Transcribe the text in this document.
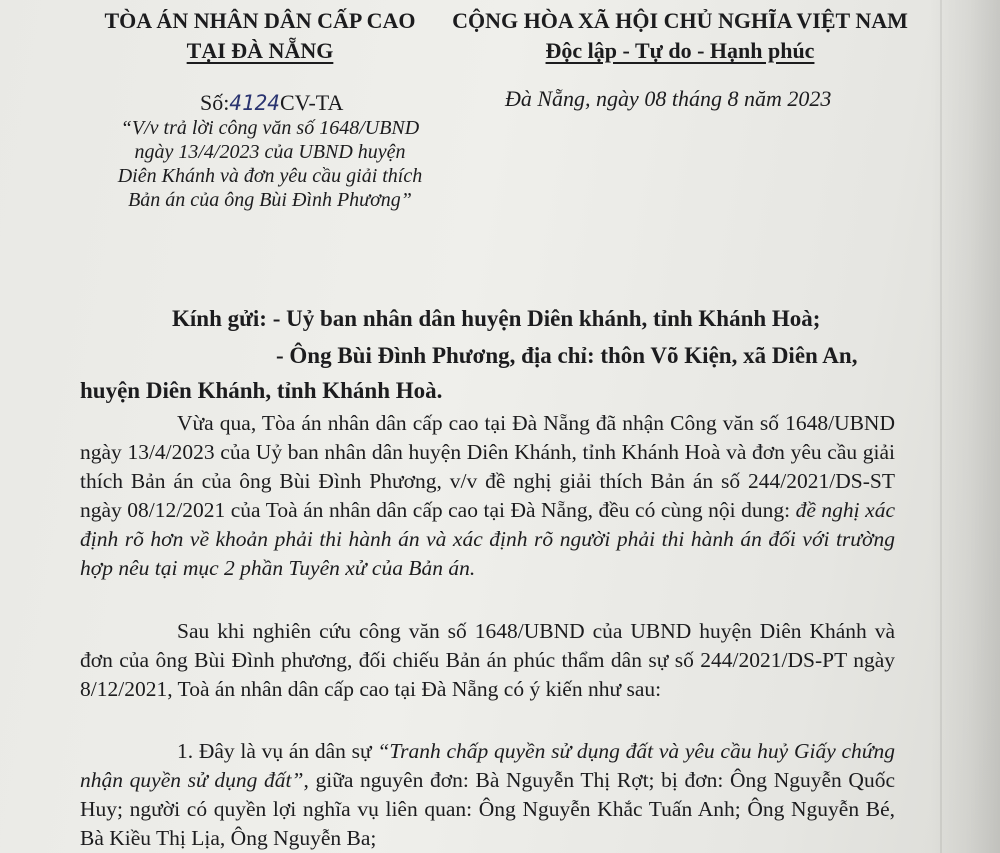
TÒA ÁN NHÂN DÂN CẤP CAO
TẠI ĐÀ NẴNG
CỘNG HÒA XÃ HỘI CHỦ NGHĨA VIỆT NAM
Độc lập - Tự do - Hạnh phúc
Số:4124CV-TA	Đà Nẵng, ngày 08 tháng 8 năm 2023
“V/v trả lời công văn số 1648/UBND
ngày 13/4/2023 của UBND huyện
Diên Khánh và đơn yêu cầu giải thích
Bản án của ông Bùi Đình Phương”
Kính gửi: - Uỷ ban nhân dân huyện Diên khánh, tỉnh Khánh Hoà;
- Ông Bùi Đình Phương, địa chỉ: thôn Võ Kiện, xã Diên An,
huyện Diên Khánh, tỉnh Khánh Hoà.
Vừa qua, Tòa án nhân dân cấp cao tại Đà Nẵng đã nhận Công văn số 1648/UBND ngày 13/4/2023 của Uỷ ban nhân dân huyện Diên Khánh, tỉnh Khánh Hoà và đơn yêu cầu giải thích Bản án của ông Bùi Đình Phương, v/v đề nghị giải thích Bản án số 244/2021/DS-ST ngày 08/12/2021 của Toà án nhân dân cấp cao tại Đà Nẵng, đều có cùng nội dung: đề nghị xác định rõ hơn về khoản phải thi hành án và xác định rõ người phải thi hành án đối với trường hợp nêu tại mục 2 phần Tuyên xử của Bản án.
Sau khi nghiên cứu công văn số 1648/UBND của UBND huyện Diên Khánh và đơn của ông Bùi Đình phương, đối chiếu Bản án phúc thẩm dân sự số 244/2021/DS-PT ngày 8/12/2021, Toà án nhân dân cấp cao tại Đà Nẵng có ý kiến như sau:
1. Đây là vụ án dân sự “Tranh chấp quyền sử dụng đất và yêu cầu huỷ Giấy chứng nhận quyền sử dụng đất”, giữa nguyên đơn: Bà Nguyễn Thị Rợt; bị đơn: Ông Nguyễn Quốc Huy; người có quyền lợi nghĩa vụ liên quan: Ông Nguyễn Khắc Tuấn Anh; Ông Nguyễn Bé, Bà Kiều Thị Lịa, Ông Nguyễn Ba;
